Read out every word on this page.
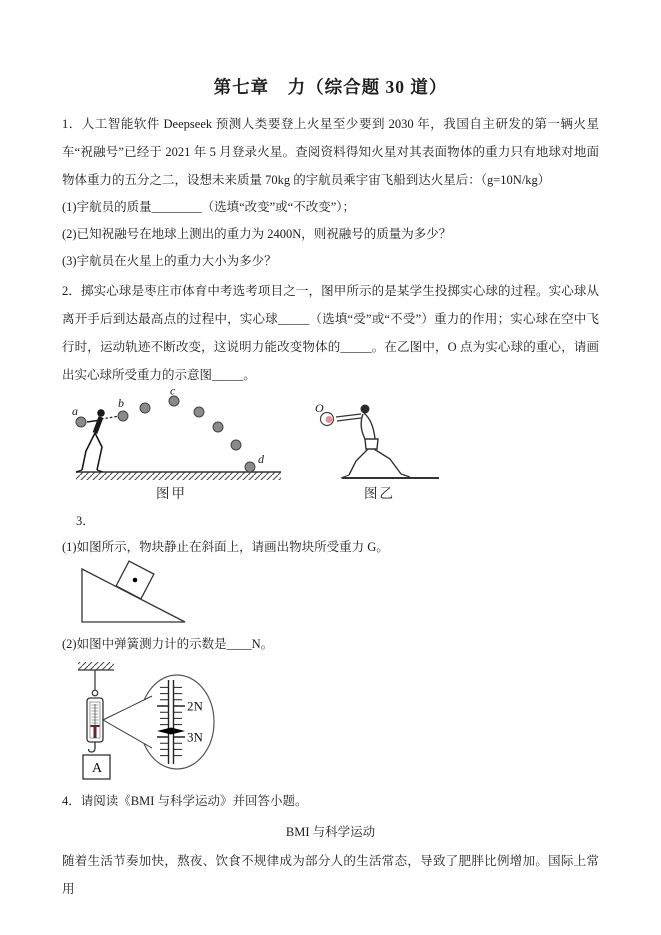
第七章　力（综合题 30 道）

1．人工智能软件 Deepseek 预测人类要登上火星至少要到 2030 年，我国自主研发的第一辆火星车“祝融号”已经于 2021 年 5 月登录火星。查阅资料得知火星对其表面物体的重力只有地球对地面物体重力的五分之二，设想未来质量 70kg 的宇航员乘宇宙飞船到达火星后：（g=10N/kg）

(1)宇航员的质量________（选填“改变”或“不改变”）；

(2)已知祝融号在地球上测出的重力为 2400N，则祝融号的质量为多少？

(3)宇航员在火星上的重力大小为多少？

2．掷实心球是枣庄市体育中考选考项目之一，图甲所示的是某学生投掷实心球的过程。实心球从离开手后到达最高点的过程中，实心球_____（选填“受”或“不受”）重力的作用；实心球在空中飞行时，运动轨迹不断改变，这说明力能改变物体的_____。在乙图中，O 点为实心球的重心，请画出实心球所受重力的示意图_____。

a
b
c
d
图甲
O
图乙

3．

(1)如图所示，物块静止在斜面上，请画出物块所受重力 G。

(2)如图中弹簧测力计的示数是____N。

A
2N
3N

4．请阅读《BMI 与科学运动》并回答小题。

BMI 与科学运动

随着生活节奏加快，熬夜、饮食不规律成为部分人的生活常态，导致了肥胖比例增加。国际上常用
